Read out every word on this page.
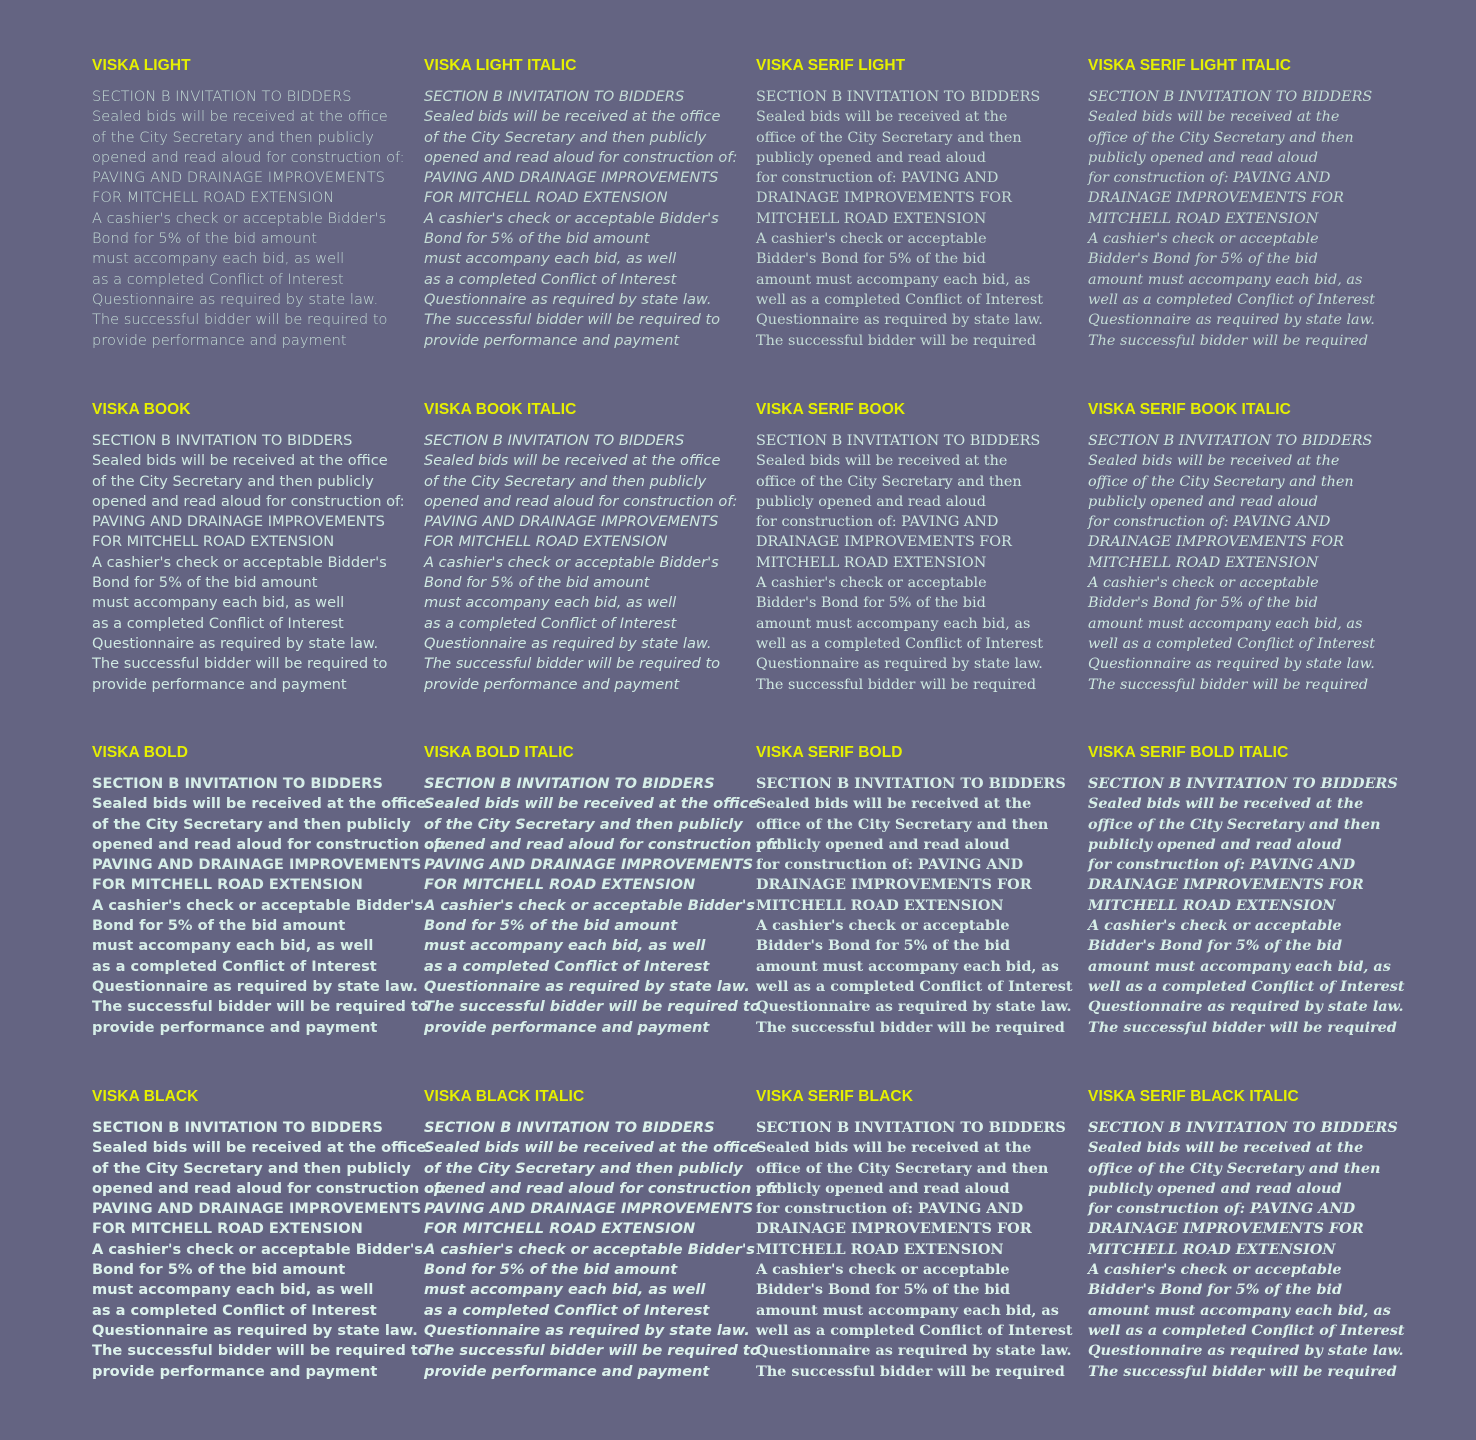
VISKA LIGHT
SECTION B INVITATION TO BIDDERS
Sealed bids will be received at the office
of the City Secretary and then publicly
opened and read aloud for construction of:
PAVING AND DRAINAGE IMPROVEMENTS
FOR MITCHELL ROAD EXTENSION
A cashier's check or acceptable Bidder's
Bond for 5% of the bid amount
must accompany each bid, as well
as a completed Conflict of Interest
Questionnaire as required by state law.
The successful bidder will be required to
provide performance and payment
VISKA LIGHT ITALIC
SECTION B INVITATION TO BIDDERS
Sealed bids will be received at the office
of the City Secretary and then publicly
opened and read aloud for construction of:
PAVING AND DRAINAGE IMPROVEMENTS
FOR MITCHELL ROAD EXTENSION
A cashier's check or acceptable Bidder's
Bond for 5% of the bid amount
must accompany each bid, as well
as a completed Conflict of Interest
Questionnaire as required by state law.
The successful bidder will be required to
provide performance and payment
VISKA SERIF LIGHT
SECTION B INVITATION TO BIDDERS
Sealed bids will be received at the
office of the City Secretary and then
publicly opened and read aloud
for construction of: PAVING AND
DRAINAGE IMPROVEMENTS FOR
MITCHELL ROAD EXTENSION
A cashier's check or acceptable
Bidder's Bond for 5% of the bid
amount must accompany each bid, as
well as a completed Conflict of Interest
Questionnaire as required by state law.
The successful bidder will be required
VISKA SERIF LIGHT ITALIC
SECTION B INVITATION TO BIDDERS
Sealed bids will be received at the
office of the City Secretary and then
publicly opened and read aloud
for construction of: PAVING AND
DRAINAGE IMPROVEMENTS FOR
MITCHELL ROAD EXTENSION
A cashier's check or acceptable
Bidder's Bond for 5% of the bid
amount must accompany each bid, as
well as a completed Conflict of Interest
Questionnaire as required by state law.
The successful bidder will be required
VISKA BOOK
SECTION B INVITATION TO BIDDERS
Sealed bids will be received at the office
of the City Secretary and then publicly
opened and read aloud for construction of:
PAVING AND DRAINAGE IMPROVEMENTS
FOR MITCHELL ROAD EXTENSION
A cashier's check or acceptable Bidder's
Bond for 5% of the bid amount
must accompany each bid, as well
as a completed Conflict of Interest
Questionnaire as required by state law.
The successful bidder will be required to
provide performance and payment
VISKA BOOK ITALIC
SECTION B INVITATION TO BIDDERS
Sealed bids will be received at the office
of the City Secretary and then publicly
opened and read aloud for construction of:
PAVING AND DRAINAGE IMPROVEMENTS
FOR MITCHELL ROAD EXTENSION
A cashier's check or acceptable Bidder's
Bond for 5% of the bid amount
must accompany each bid, as well
as a completed Conflict of Interest
Questionnaire as required by state law.
The successful bidder will be required to
provide performance and payment
VISKA SERIF BOOK
SECTION B INVITATION TO BIDDERS
Sealed bids will be received at the
office of the City Secretary and then
publicly opened and read aloud
for construction of: PAVING AND
DRAINAGE IMPROVEMENTS FOR
MITCHELL ROAD EXTENSION
A cashier's check or acceptable
Bidder's Bond for 5% of the bid
amount must accompany each bid, as
well as a completed Conflict of Interest
Questionnaire as required by state law.
The successful bidder will be required
VISKA SERIF BOOK ITALIC
SECTION B INVITATION TO BIDDERS
Sealed bids will be received at the
office of the City Secretary and then
publicly opened and read aloud
for construction of: PAVING AND
DRAINAGE IMPROVEMENTS FOR
MITCHELL ROAD EXTENSION
A cashier's check or acceptable
Bidder's Bond for 5% of the bid
amount must accompany each bid, as
well as a completed Conflict of Interest
Questionnaire as required by state law.
The successful bidder will be required
VISKA BOLD
SECTION B INVITATION TO BIDDERS
Sealed bids will be received at the office
of the City Secretary and then publicly
opened and read aloud for construction of:
PAVING AND DRAINAGE IMPROVEMENTS
FOR MITCHELL ROAD EXTENSION
A cashier's check or acceptable Bidder's
Bond for 5% of the bid amount
must accompany each bid, as well
as a completed Conflict of Interest
Questionnaire as required by state law.
The successful bidder will be required to
provide performance and payment
VISKA BOLD ITALIC
SECTION B INVITATION TO BIDDERS
Sealed bids will be received at the office
of the City Secretary and then publicly
opened and read aloud for construction of:
PAVING AND DRAINAGE IMPROVEMENTS
FOR MITCHELL ROAD EXTENSION
A cashier's check or acceptable Bidder's
Bond for 5% of the bid amount
must accompany each bid, as well
as a completed Conflict of Interest
Questionnaire as required by state law.
The successful bidder will be required to
provide performance and payment
VISKA SERIF BOLD
SECTION B INVITATION TO BIDDERS
Sealed bids will be received at the
office of the City Secretary and then
publicly opened and read aloud
for construction of: PAVING AND
DRAINAGE IMPROVEMENTS FOR
MITCHELL ROAD EXTENSION
A cashier's check or acceptable
Bidder's Bond for 5% of the bid
amount must accompany each bid, as
well as a completed Conflict of Interest
Questionnaire as required by state law.
The successful bidder will be required
VISKA SERIF BOLD ITALIC
SECTION B INVITATION TO BIDDERS
Sealed bids will be received at the
office of the City Secretary and then
publicly opened and read aloud
for construction of: PAVING AND
DRAINAGE IMPROVEMENTS FOR
MITCHELL ROAD EXTENSION
A cashier's check or acceptable
Bidder's Bond for 5% of the bid
amount must accompany each bid, as
well as a completed Conflict of Interest
Questionnaire as required by state law.
The successful bidder will be required
VISKA BLACK
SECTION B INVITATION TO BIDDERS
Sealed bids will be received at the office
of the City Secretary and then publicly
opened and read aloud for construction of:
PAVING AND DRAINAGE IMPROVEMENTS
FOR MITCHELL ROAD EXTENSION
A cashier's check or acceptable Bidder's
Bond for 5% of the bid amount
must accompany each bid, as well
as a completed Conflict of Interest
Questionnaire as required by state law.
The successful bidder will be required to
provide performance and payment
VISKA BLACK ITALIC
SECTION B INVITATION TO BIDDERS
Sealed bids will be received at the office
of the City Secretary and then publicly
opened and read aloud for construction of:
PAVING AND DRAINAGE IMPROVEMENTS
FOR MITCHELL ROAD EXTENSION
A cashier's check or acceptable Bidder's
Bond for 5% of the bid amount
must accompany each bid, as well
as a completed Conflict of Interest
Questionnaire as required by state law.
The successful bidder will be required to
provide performance and payment
VISKA SERIF BLACK
SECTION B INVITATION TO BIDDERS
Sealed bids will be received at the
office of the City Secretary and then
publicly opened and read aloud
for construction of: PAVING AND
DRAINAGE IMPROVEMENTS FOR
MITCHELL ROAD EXTENSION
A cashier's check or acceptable
Bidder's Bond for 5% of the bid
amount must accompany each bid, as
well as a completed Conflict of Interest
Questionnaire as required by state law.
The successful bidder will be required
VISKA SERIF BLACK ITALIC
SECTION B INVITATION TO BIDDERS
Sealed bids will be received at the
office of the City Secretary and then
publicly opened and read aloud
for construction of: PAVING AND
DRAINAGE IMPROVEMENTS FOR
MITCHELL ROAD EXTENSION
A cashier's check or acceptable
Bidder's Bond for 5% of the bid
amount must accompany each bid, as
well as a completed Conflict of Interest
Questionnaire as required by state law.
The successful bidder will be required
